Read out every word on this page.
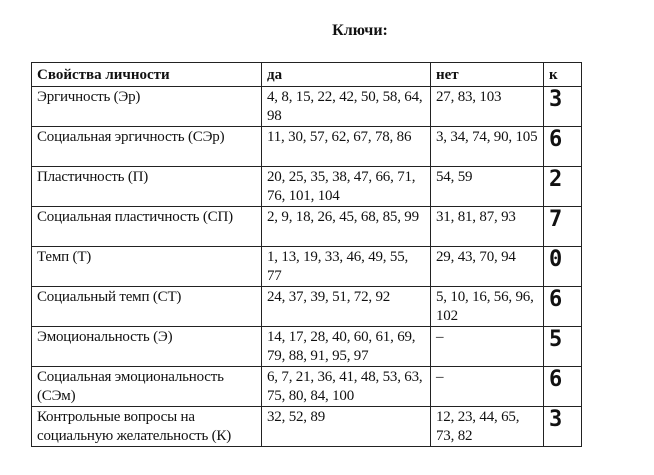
Ключи:
Свойства личности	да	нет	к
Эргичность (Эр)	4, 8, 15, 22, 42, 50, 58, 64, 98	27, 83, 103	3
Социальная эргичность (СЭр)	11, 30, 57, 62, 67, 78, 86	3, 34, 74, 90, 105	6
Пластичность (П)	20, 25, 35, 38, 47, 66, 71, 76, 101, 104	54, 59	2
Социальная пластичность (СП)	2, 9, 18, 26, 45, 68, 85, 99	31, 81, 87, 93	7
Темп (Т)	1, 13, 19, 33, 46, 49, 55, 77	29, 43, 70, 94	0
Социальный темп (СТ)	24, 37, 39, 51, 72, 92	5, 10, 16, 56, 96, 102	6
Эмоциональность (Э)	14, 17, 28, 40, 60, 61, 69, 79, 88, 91, 95, 97	–	5
Социальная эмоциональность (СЭм)	6, 7, 21, 36, 41, 48, 53, 63, 75, 80, 84, 100	–	6
Контрольные вопросы на социальную желательность (К)	32, 52, 89	12, 23, 44, 65, 73, 82	3
